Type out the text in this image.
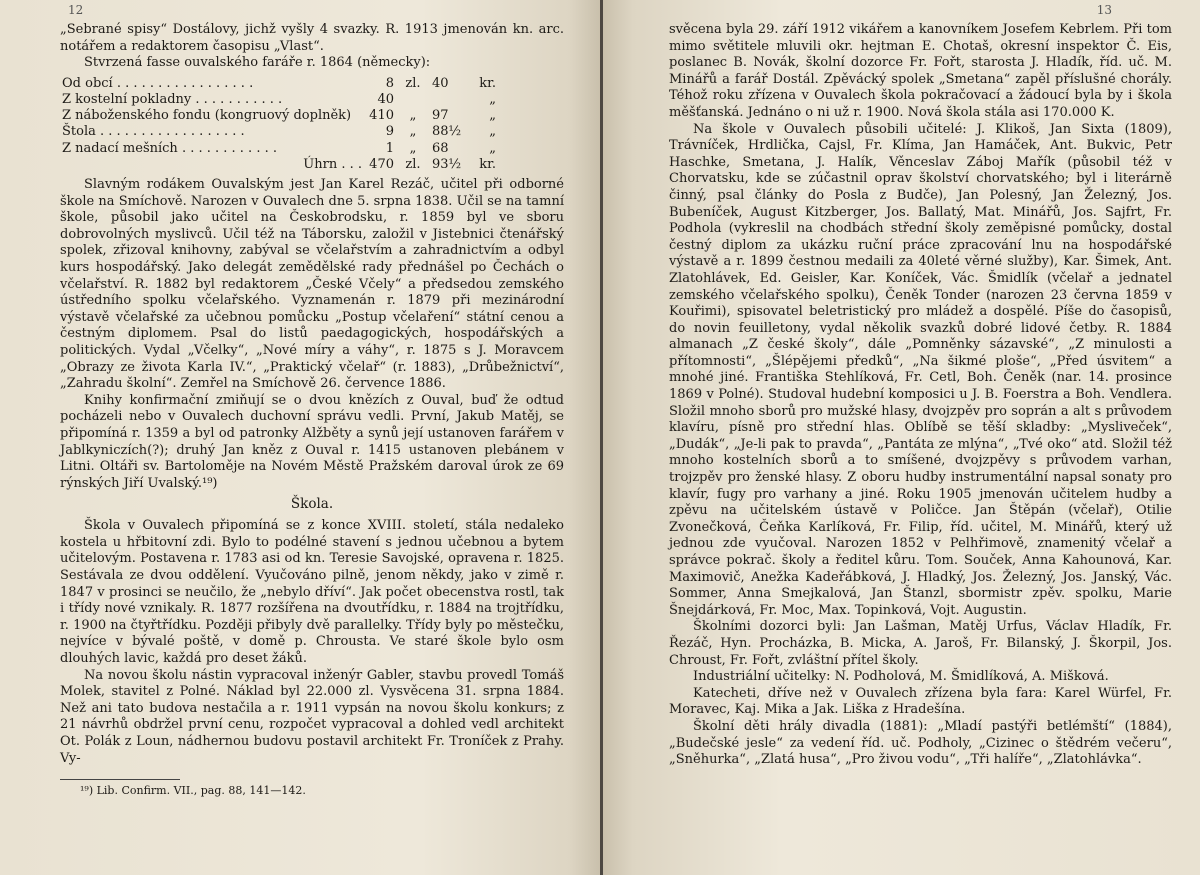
12

„Sebrané spisy“ Dostálovy, jichž vyšly 4 svazky. R. 1913 jmenován kn. arc. notářem a redaktorem časopisu „Vlast“.

Stvrzená fasse ouvalského faráře r. 1864 (německy):

Od obcí . . . . . . . . . . . . . . . . .	8	zl.	40	kr.
Z kostelní pokladny . . . . . . . . . . .	40			„
Z náboženského fondu (kongruový doplněk)	410	„	97	„
Štola . . . . . . . . . . . . . . . . . .	9	„	88½	„
Z nadací mešních . . . . . . . . . . . .	1	„	68	„
Úhrn . . .	470	zl.	93½	kr.

Slavným rodákem Ouvalským jest Jan Karel Rezáč, učitel při odborné škole na Smíchově. Narozen v Ouvalech dne 5. srpna 1838. Učil se na tamní škole, působil jako učitel na Českobrodsku, r. 1859 byl ve sboru dobrovolných myslivců. Učil též na Táborsku, založil v Jistebnici čtenářský spolek, zřizoval knihovny, zabýval se včelařstvím a zahradnictvím a odbyl kurs hospodářský. Jako delegát zemědělské rady přednášel po Čechách o včelařství. R. 1882 byl redaktorem „České Včely“ a předsedou zemského ústředního spolku včelařského. Vyznamenán r. 1879 při mezinárodní výstavě včelařské za učebnou pomůcku „Postup včelaření“ státní cenou a čestným diplomem. Psal do listů paedagogických, hospodářských a politických. Vydal „Včelky“, „Nové míry a váhy“, r. 1875 s J. Moravcem „Obrazy ze života Karla IV.“, „Praktický včelař“ (r. 1883), „Drůbežnictví“, „Zahradu školní“. Zemřel na Smíchově 26. července 1886.

Knihy konfirmační zmiňují se o dvou knězích z Ouval, buď že odtud pocházeli nebo v Ouvalech duchovní správu vedli. První, Jakub Matěj, se připomíná r. 1359 a byl od patronky Alžběty a synů její ustanoven farářem v Jablkyniczích(?); druhý Jan kněz z Ouval r. 1415 ustanoven plebánem v Litni. Oltáři sv. Bartoloměje na Novém Městě Pražském daroval úrok ze 69 rýnských Jiří Uvalský.¹⁹)

Škola.

Škola v Ouvalech připomíná se z konce XVIII. století, stála nedaleko kostela u hřbitovní zdi. Bylo to podélné stavení s jednou učebnou a bytem učitelovým. Postavena r. 1783 asi od kn. Teresie Savojské, opravena r. 1825. Sestávala ze dvou oddělení. Vyučováno pilně, jenom někdy, jako v zimě r. 1847 v prosinci se neučilo, že „nebylo dříví“. Jak počet obecenstva rostl, tak i třídy nové vznikaly. R. 1877 rozšířena na dvoutřídku, r. 1884 na trojtřídku, r. 1900 na čtyřtřídku. Později přibyly dvě parallelky. Třídy byly po městečku, nejvíce v bývalé poště, v domě p. Chrousta. Ve staré škole bylo osm dlouhých lavic, každá pro deset žáků.

Na novou školu nástin vypracoval inženýr Gabler, stavbu provedl Tomáš Molek, stavitel z Polné. Náklad byl 22.000 zl. Vysvěcena 31. srpna 1884. Než ani tato budova nestačila a r. 1911 vypsán na novou školu konkurs; z 21 návrhů obdržel první cenu, rozpočet vypracoval a dohled vedl architekt Ot. Polák z Loun, nádhernou budovu postavil architekt Fr. Troníček z Prahy. Vy-

¹⁹) Lib. Confirm. VII., pag. 88, 141—142.

13

svěcena byla 29. září 1912 vikářem a kanovníkem Josefem Kebrlem. Při tom mimo světitele mluvili okr. hejtman E. Chotaš, okresní inspektor Č. Eis, poslanec B. Novák, školní dozorce Fr. Fořt, starosta J. Hladík, říd. uč. M. Minářů a farář Dostál. Zpěvácký spolek „Smetana“ zapěl příslušné chorály. Téhož roku zřízena v Ouvalech škola pokračovací a žádoucí byla by i škola měšťanská. Jednáno o ni už r. 1900. Nová škola stála asi 170.000 K.

Na škole v Ouvalech působili učitelé: J. Klikoš, Jan Sixta (1809), Trávníček, Hrdlička, Cajsl, Fr. Klíma, Jan Hamáček, Ant. Bukvic, Petr Haschke, Smetana, J. Halík, Věnceslav Záboj Mařík (působil též v Chorvatsku, kde se zúčastnil oprav školství chorvatského; byl i literárně činný, psal články do Posla z Budče), Jan Polesný, Jan Železný, Jos. Bubeníček, August Kitzberger, Jos. Ballatý, Mat. Minářů, Jos. Sajfrt, Fr. Podhola (vykreslil na chodbách střední školy zeměpisné pomůcky, dostal čestný diplom za ukázku ruční práce zpracování lnu na hospodářské výstavě a r. 1899 čestnou medaili za 40leté věrné služby), Kar. Šimek, Ant. Zlatohlávek, Ed. Geisler, Kar. Koníček, Vác. Šmidlík (včelař a jednatel zemského včelařského spolku), Čeněk Tonder (narozen 23 června 1859 v Kouřimi), spisovatel beletristický pro mládež a dospělé. Píše do časopisů, do novin feuilletony, vydal několik svazků dobré lidové četby. R. 1884 almanach „Z české školy“, dále „Pomněnky sázavské“, „Z minulosti a přítomnosti“, „Šlépějemi předků“, „Na šikmé ploše“, „Před úsvitem“ a mnohé jiné. Františka Stehlíková, Fr. Cetl, Boh. Čeněk (nar. 14. prosince 1869 v Polné). Studoval hudební komposici u J. B. Foerstra a Boh. Vendlera. Složil mnoho sborů pro mužské hlasy, dvojzpěv pro soprán a alt s průvodem klavíru, písně pro střední hlas. Oblíbě se těší skladby: „Mysliveček“, „Dudák“, „Je-li pak to pravda“, „Pantáta ze mlýna“, „Tvé oko“ atd. Složil též mnoho kostelních sborů a to smíšené, dvojzpěvy s průvodem varhan, trojzpěv pro ženské hlasy. Z oboru hudby instrumentální napsal sonaty pro klavír, fugy pro varhany a jiné. Roku 1905 jmenován učitelem hudby a zpěvu na učitelském ústavě v Poličce. Jan Štěpán (včelař), Otilie Zvonečková, Čeňka Karlíková, Fr. Filip, říd. učitel, M. Minářů, který už jednou zde vyučoval. Narozen 1852 v Pelhřimově, znamenitý včelař a správce pokrač. školy a ředitel kůru. Tom. Souček, Anna Kahounová, Kar. Maximovič, Anežka Kadeřábková, J. Hladký, Jos. Železný, Jos. Janský, Vác. Sommer, Anna Smejkalová, Jan Štanzl, sbormistr zpěv. spolku, Marie Šnejdárková, Fr. Moc, Max. Topinková, Vojt. Augustin.

Školními dozorci byli: Jan Lašman, Matěj Urfus, Václav Hladík, Fr. Řezáč, Hyn. Procházka, B. Micka, A. Jaroš, Fr. Bilanský, J. Škorpil, Jos. Chroust, Fr. Fořt, zvláštní přítel školy.

Industriální učitelky: N. Podholová, M. Šmidlíková, A. Mišková.

Katecheti, dříve než v Ouvalech zřízena byla fara: Karel Würfel, Fr. Moravec, Kaj. Mika a Jak. Liška z Hradešína.

Školní děti hrály divadla (1881): „Mladí pastýři betlémští“ (1884), „Budečské jesle“ za vedení říd. uč. Podholy, „Cizinec o štědrém večeru“, „Sněhurka“, „Zlatá husa“, „Pro živou vodu“, „Tři halíře“, „Zlatohlávka“.
